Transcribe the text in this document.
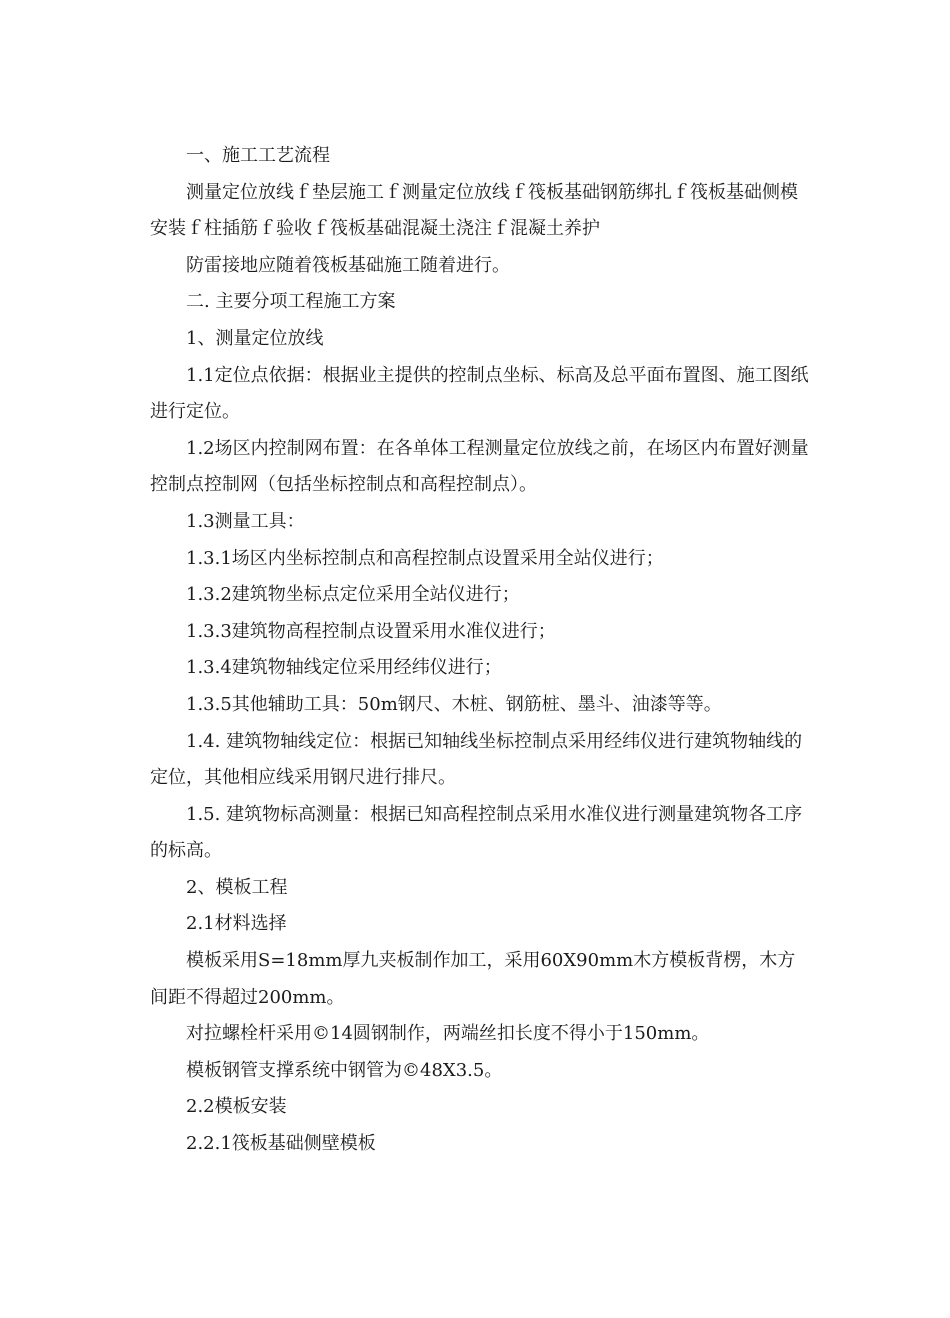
一、施工工艺流程

测量定位放线ｆ垫层施工ｆ测量定位放线ｆ筏板基础钢筋绑扎ｆ筏板基础侧模安装ｆ柱插筋ｆ验收ｆ筏板基础混凝土浇注ｆ混凝土养护

防雷接地应随着筏板基础施工随着进行。

二. 主要分项工程施工方案

1、测量定位放线

1.1定位点依据：根据业主提供的控制点坐标、标高及总平面布置图、施工图纸进行定位。

1.2场区内控制网布置：在各单体工程测量定位放线之前，在场区内布置好测量控制点控制网（包括坐标控制点和高程控制点）。

1.3测量工具：

1.3.1场区内坐标控制点和高程控制点设置采用全站仪进行；

1.3.2建筑物坐标点定位采用全站仪进行；

1.3.3建筑物高程控制点设置采用水准仪进行；

1.3.4建筑物轴线定位采用经纬仪进行；

1.3.5其他辅助工具：50m钢尺、木桩、钢筋桩、墨斗、油漆等等。

1.4. 建筑物轴线定位：根据已知轴线坐标控制点采用经纬仪进行建筑物轴线的定位，其他相应线采用钢尺进行排尺。

1.5. 建筑物标高测量：根据已知高程控制点采用水准仪进行测量建筑物各工序的标高。

2、模板工程

2.1材料选择

模板采用S=18mm厚九夹板制作加工，采用60X90mm木方模板背楞，木方间距不得超过200mm。

对拉螺栓杆采用©14圆钢制作，两端丝扣长度不得小于150mm。

模板钢管支撑系统中钢管为©48X3.5。

2.2模板安装

2.2.1筏板基础侧壁模板
